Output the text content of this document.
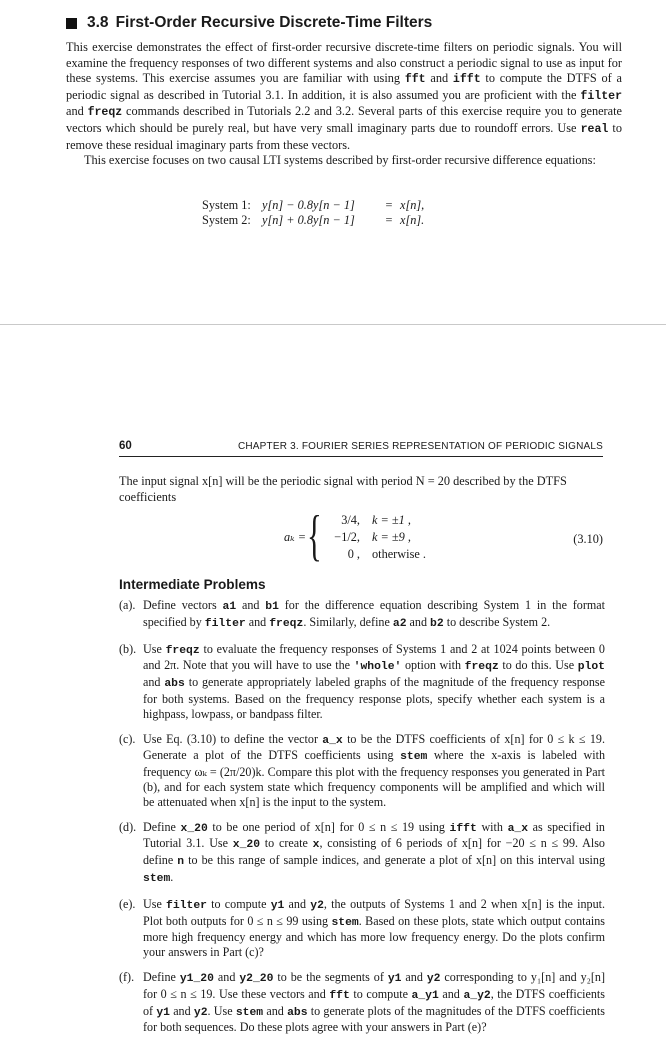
3.8 First-Order Recursive Discrete-Time Filters

This exercise demonstrates the effect of first-order recursive discrete-time filters on periodic signals. You will examine the frequency responses of two different systems and also construct a periodic signal to use as input for these systems. This exercise assumes you are familiar with using fft and ifft to compute the DTFS of a periodic signal as described in Tutorial 3.1. In addition, it is also assumed you are proficient with the filter and freqz commands described in Tutorials 2.2 and 3.2. Several parts of this exercise require you to generate vectors which should be purely real, but have very small imaginary parts due to roundoff errors. Use real to remove these residual imaginary parts from these vectors.

This exercise focuses on two causal LTI systems described by first-order recursive difference equations:

System 1: y[n] − 0.8y[n − 1]	= x[n],
System 2: y[n] + 0.8y[n − 1]	= x[n].
60	CHAPTER 3. FOURIER SERIES REPRESENTATION OF PERIODIC SIGNALS

The input signal x[n] will be the periodic signal with period N = 20 described by the DTFS coefficients

aₖ = {	3/4, k = ±1 ,
−1/2, k = ±9 ,
0 , otherwise .
(3.10)
Intermediate Problems
(a). Define vectors a1 and b1 for the difference equation describing System 1 in the format specified by filter and freqz. Similarly, define a2 and b2 to describe System 2.
(b). Use freqz to evaluate the frequency responses of Systems 1 and 2 at 1024 points between 0 and 2π. Note that you will have to use the 'whole' option with freqz to do this. Use plot and abs to generate appropriately labeled graphs of the magnitude of the frequency response for both systems. Based on the frequency response plots, specify whether each system is a highpass, lowpass, or bandpass filter.
(c). Use Eq. (3.10) to define the vector a_x to be the DTFS coefficients of x[n] for 0 ≤ k ≤ 19. Generate a plot of the DTFS coefficients using stem where the x-axis is labeled with frequency ωₖ = (2π/20)k. Compare this plot with the frequency responses you generated in Part (b), and for each system state which frequency components will be amplified and which will be attenuated when x[n] is the input to the system.
(d). Define x_20 to be one period of x[n] for 0 ≤ n ≤ 19 using ifft with a_x as specified in Tutorial 3.1. Use x_20 to create x, consisting of 6 periods of x[n] for −20 ≤ n ≤ 99. Also define n to be this range of sample indices, and generate a plot of x[n] on this interval using stem.
(e). Use filter to compute y1 and y2, the outputs of Systems 1 and 2 when x[n] is the input. Plot both outputs for 0 ≤ n ≤ 99 using stem. Based on these plots, state which output contains more high frequency energy and which has more low frequency energy. Do the plots confirm your answers in Part (c)?
(f). Define y1_20 and y2_20 to be the segments of y1 and y2 corresponding to y₁[n] and y₂[n] for 0 ≤ n ≤ 19. Use these vectors and fft to compute a_y1 and a_y2, the DTFS coefficients of y1 and y2. Use stem and abs to generate plots of the magnitudes of the DTFS coefficients for both sequences. Do these plots agree with your answers in Part (e)?
